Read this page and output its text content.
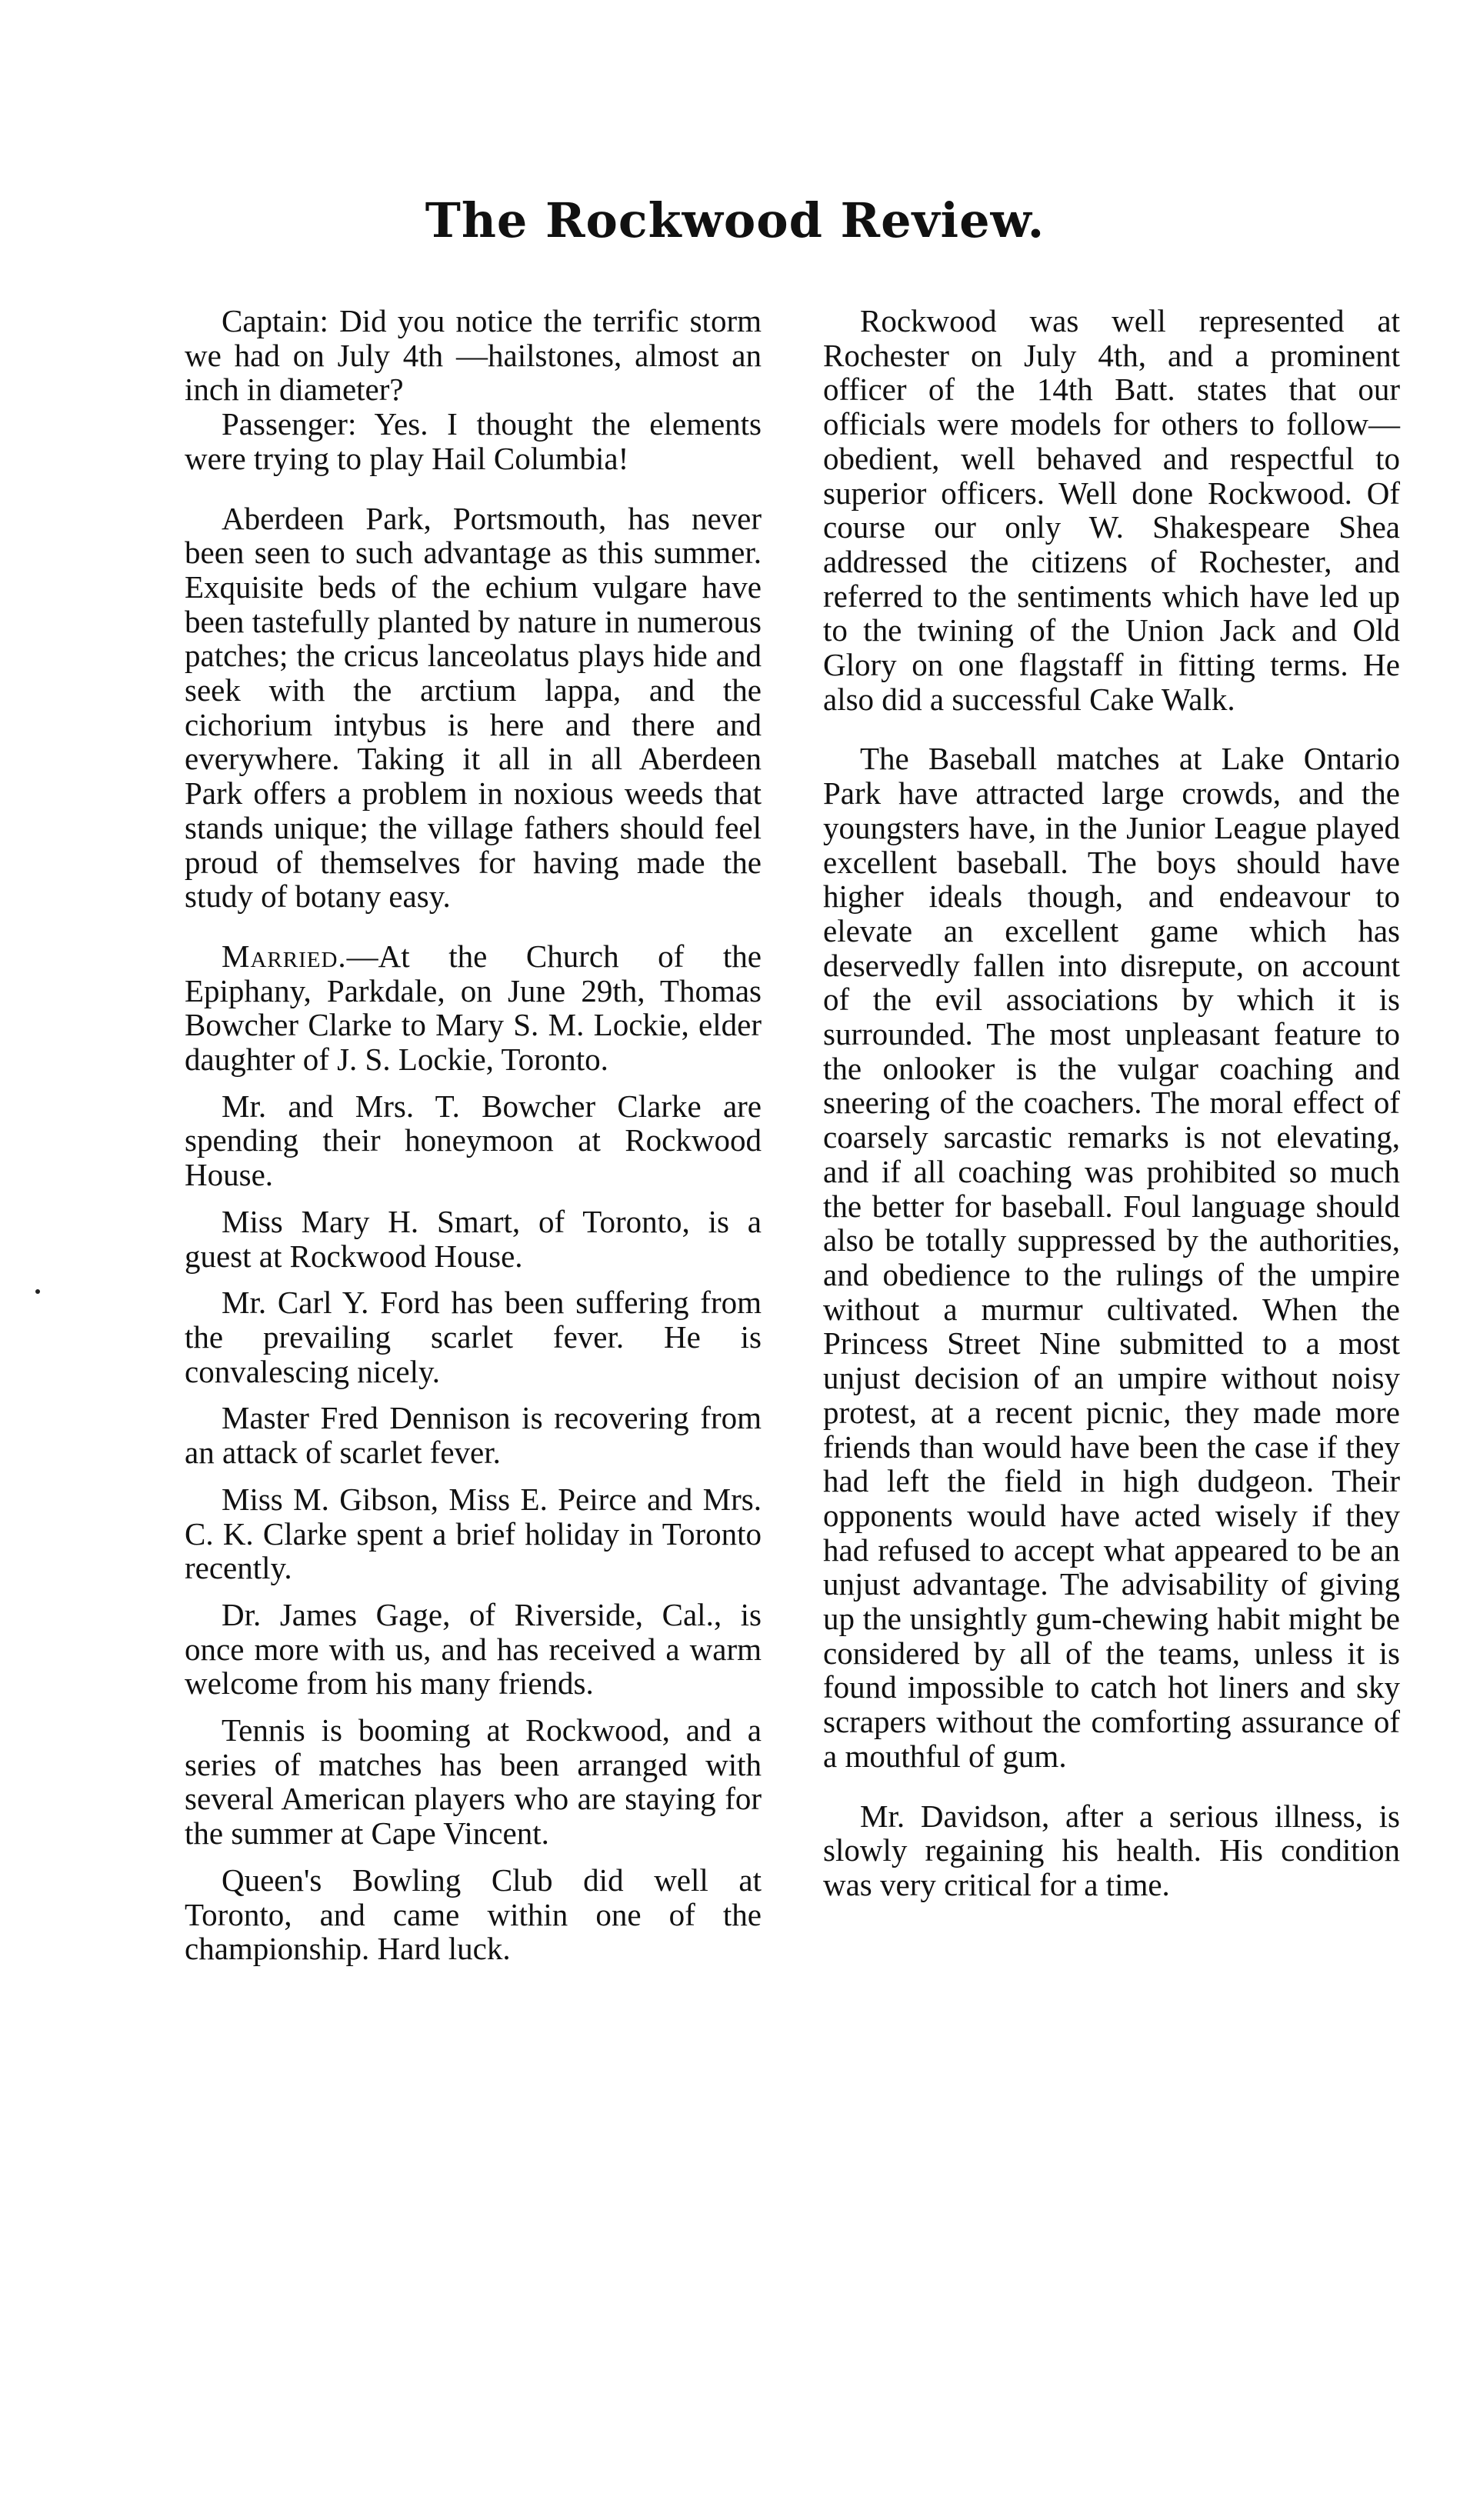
The Rockwood Review.

Captain: Did you notice the terrific storm we had on July 4th —hailstones, almost an inch in diameter?

Passenger: Yes. I thought the elements were trying to play Hail Columbia!

Aberdeen Park, Portsmouth, has never been seen to such advantage as this summer. Exquisite beds of the echium vulgare have been tastefully planted by nature in numerous patches; the cricus lanceolatus plays hide and seek with the arctium lappa, and the cichorium intybus is here and there and everywhere. Taking it all in all Aberdeen Park offers a problem in noxious weeds that stands unique; the village fathers should feel proud of themselves for having made the study of botany easy.

Married.—At the Church of the Epiphany, Parkdale, on June 29th, Thomas Bowcher Clarke to Mary S. M. Lockie, elder daughter of J. S. Lockie, Toronto.

Mr. and Mrs. T. Bowcher Clarke are spending their honeymoon at Rockwood House.

Miss Mary H. Smart, of Toronto, is a guest at Rockwood House.

Mr. Carl Y. Ford has been suffering from the prevailing scarlet fever. He is convalescing nicely.

Master Fred Dennison is recovering from an attack of scarlet fever.

Miss M. Gibson, Miss E. Peirce and Mrs. C. K. Clarke spent a brief holiday in Toronto recently.

Dr. James Gage, of Riverside, Cal., is once more with us, and has received a warm welcome from his many friends.

Tennis is booming at Rockwood, and a series of matches has been arranged with several American players who are staying for the summer at Cape Vincent.

Queen's Bowling Club did well at Toronto, and came within one of the championship. Hard luck.

Rockwood was well represented at Rochester on July 4th, and a prominent officer of the 14th Batt. states that our officials were models for others to follow—obedient, well behaved and respectful to superior officers. Well done Rockwood. Of course our only W. Shakespeare Shea addressed the citizens of Rochester, and referred to the sentiments which have led up to the twining of the Union Jack and Old Glory on one flagstaff in fitting terms. He also did a successful Cake Walk.

The Baseball matches at Lake Ontario Park have attracted large crowds, and the youngsters have, in the Junior League played excellent baseball. The boys should have higher ideals though, and endeavour to elevate an excellent game which has deservedly fallen into disrepute, on account of the evil associations by which it is surrounded. The most unpleasant feature to the onlooker is the vulgar coaching and sneering of the coachers. The moral effect of coarsely sarcastic remarks is not elevating, and if all coaching was prohibited so much the better for baseball. Foul language should also be totally suppressed by the authorities, and obedience to the rulings of the umpire without a murmur cultivated. When the Princess Street Nine submitted to a most unjust decision of an umpire without noisy protest, at a recent picnic, they made more friends than would have been the case if they had left the field in high dudgeon. Their opponents would have acted wisely if they had refused to accept what appeared to be an unjust advantage. The advisability of giving up the unsightly gum-chewing habit might be considered by all of the teams, unless it is found impossible to catch hot liners and sky scrapers without the comforting assurance of a mouthful of gum.

Mr. Davidson, after a serious illness, is slowly regaining his health. His condition was very critical for a time.
